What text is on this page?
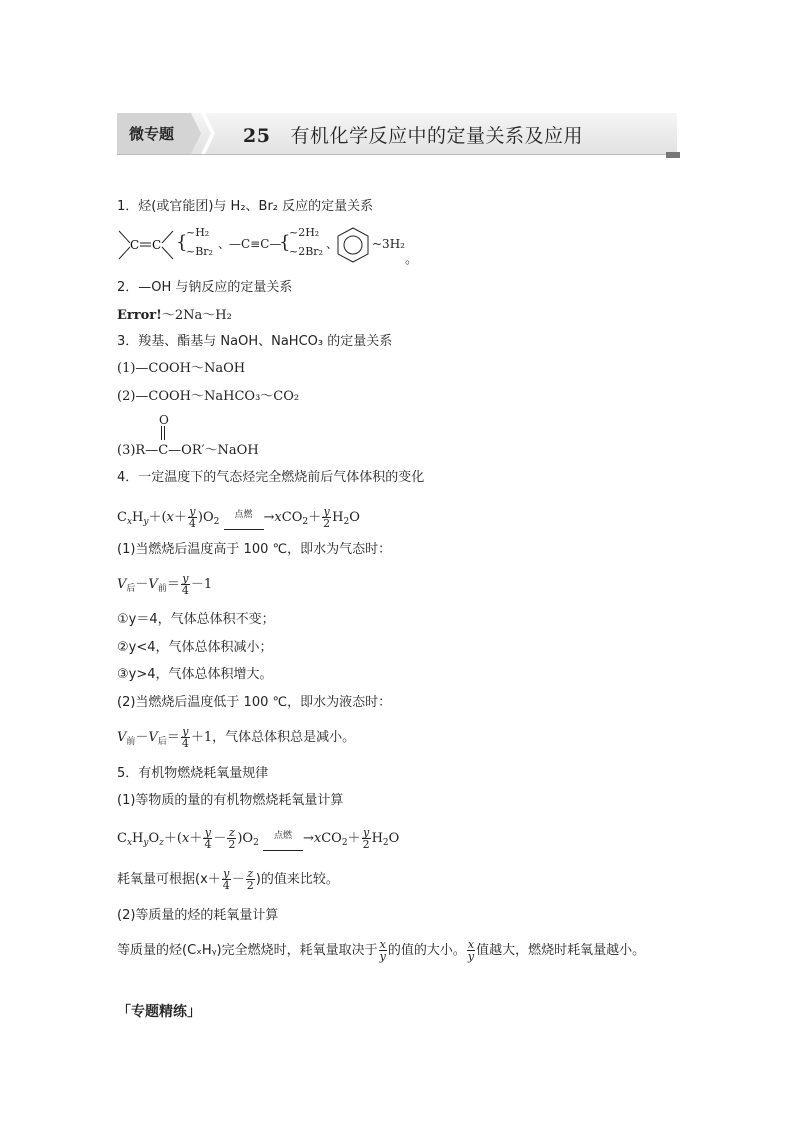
微专题	25 有机化学反应中的定量关系及应用
1．烃(或官能团)与 H₂、Br₂ 反应的定量关系
C C {
~H₂
~Br₂
、
—C≡C—
{
~2H₂
~2Br₂
、	~3H₂
。
2．—OH 与钠反应的定量关系
Error!～2Na～H₂
3．羧基、酯基与 NaOH、NaHCO₃ 的定量关系
(1)—COOH～NaOH
(2)—COOH～NaHCO₃～CO₂
O
(3)R—C—OR′～NaOH
4．一定温度下的气态烃完全燃烧前后气体体积的变化
$C_xH_y+(x+ \frac{y}{4} )O_2$ 点燃 $\to xCO_2+ \frac{y}{2} H_2O$
(1)当燃烧后温度高于 100 ℃，即水为气态时：
$V_后-V_前= \frac{y}{4} -1$
①y＝4，气体总体积不变；
②y<4，气体总体积减小；
③y>4，气体总体积增大。
(2)当燃烧后温度低于 100 ℃，即水为液态时：
$V_前-V_后= \frac{y}{4} +1$，气体总体积总是减小。
5．有机物燃烧耗氧量规律
(1)等物质的量的有机物燃烧耗氧量计算
$C_xH_yO_z+(x+ \frac{y}{4} - \frac{z}{2} )O_2$ 点燃 $\to xCO_2+ \frac{y}{2} H_2O$
耗氧量可根据($x+ \frac{y}{4} - \frac{z}{2}$ )的值来比较。
(2)等质量的烃的耗氧量计算
等质量的烃(CₓHᵧ)完全燃烧时，耗氧量取决于 $\frac{x}{y}$ 的值的大小。 $\frac{x}{y}$ 值越大，燃烧时耗氧量越小。
「专题精练」
